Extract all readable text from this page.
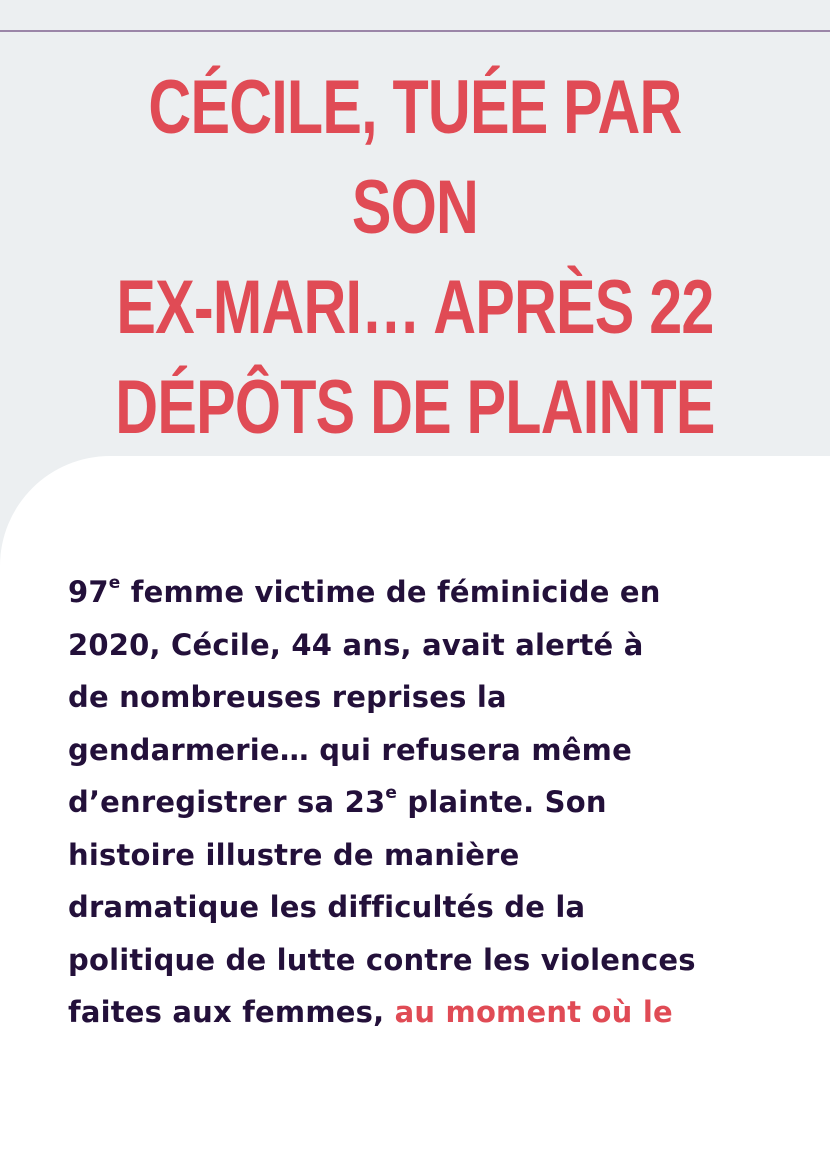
CÉCILE, TUÉE PAR SON
EX-MARI… APRÈS 22
DÉPÔTS DE PLAINTE

97e femme victime de féminicide en
2020, Cécile, 44 ans, avait alerté à
de nombreuses reprises la
gendarmerie… qui refusera même
d’enregistrer sa 23e plainte. Son
histoire illustre de manière
dramatique les difficultés de la
politique de lutte contre les violences
faites aux femmes, au moment où le
